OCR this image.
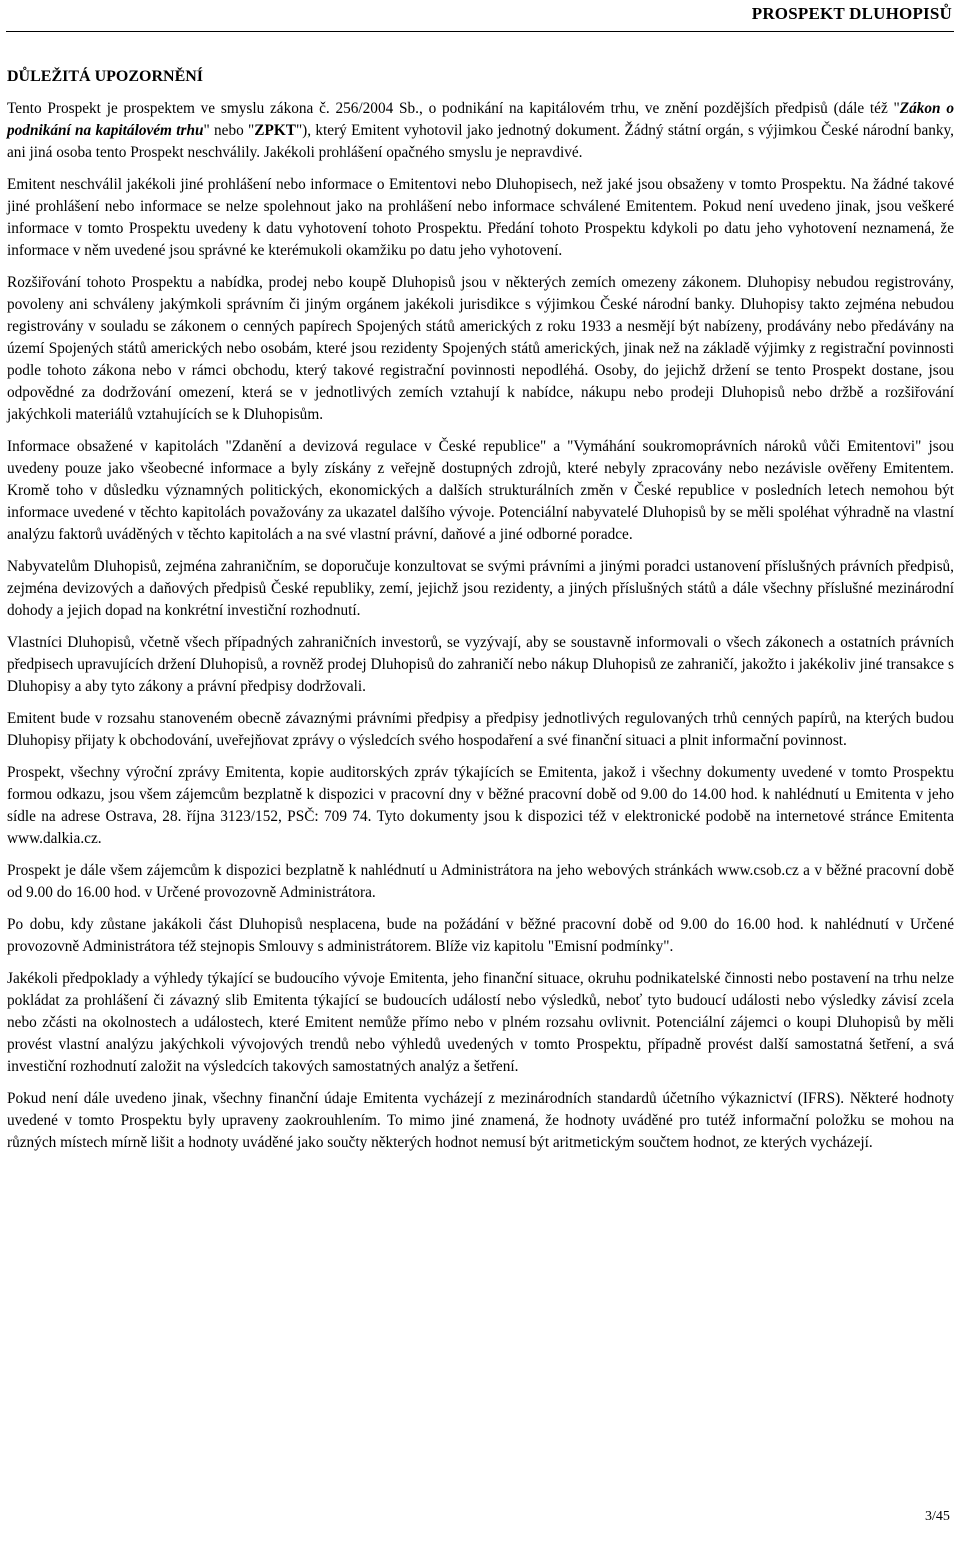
PROSPEKT DLUHOPISŮ
DŮLEŽITÁ UPOZORNĚNÍ

Tento Prospekt je prospektem ve smyslu zákona č. 256/2004 Sb., o podnikání na kapitálovém trhu, ve znění pozdějších předpisů (dále též "Zákon o podnikání na kapitálovém trhu" nebo "ZPKT"), který Emitent vyhotovil jako jednotný dokument. Žádný státní orgán, s výjimkou České národní banky, ani jiná osoba tento Prospekt neschválily. Jakékoli prohlášení opačného smyslu je nepravdivé.

Emitent neschválil jakékoli jiné prohlášení nebo informace o Emitentovi nebo Dluhopisech, než jaké jsou obsaženy v tomto Prospektu. Na žádné takové jiné prohlášení nebo informace se nelze spolehnout jako na prohlášení nebo informace schválené Emitentem. Pokud není uvedeno jinak, jsou veškeré informace v tomto Prospektu uvedeny k datu vyhotovení tohoto Prospektu. Předání tohoto Prospektu kdykoli po datu jeho vyhotovení neznamená, že informace v něm uvedené jsou správné ke kterémukoli okamžiku po datu jeho vyhotovení.

Rozšiřování tohoto Prospektu a nabídka, prodej nebo koupě Dluhopisů jsou v některých zemích omezeny zákonem. Dluhopisy nebudou registrovány, povoleny ani schváleny jakýmkoli správním či jiným orgánem jakékoli jurisdikce s výjimkou České národní banky. Dluhopisy takto zejména nebudou registrovány v souladu se zákonem o cenných papírech Spojených států amerických z roku 1933 a nesmějí být nabízeny, prodávány nebo předávány na území Spojených států amerických nebo osobám, které jsou rezidenty Spojených států amerických, jinak než na základě výjimky z registrační povinnosti podle tohoto zákona nebo v rámci obchodu, který takové registrační povinnosti nepodléhá. Osoby, do jejichž držení se tento Prospekt dostane, jsou odpovědné za dodržování omezení, která se v jednotlivých zemích vztahují k nabídce, nákupu nebo prodeji Dluhopisů nebo držbě a rozšiřování jakýchkoli materiálů vztahujících se k Dluhopisům.

Informace obsažené v kapitolách "Zdanění a devizová regulace v České republice" a "Vymáhání soukromoprávních nároků vůči Emitentovi" jsou uvedeny pouze jako všeobecné informace a byly získány z veřejně dostupných zdrojů, které nebyly zpracovány nebo nezávisle ověřeny Emitentem. Kromě toho v důsledku významných politických, ekonomických a dalších strukturálních změn v České republice v posledních letech nemohou být informace uvedené v těchto kapitolách považovány za ukazatel dalšího vývoje. Potenciální nabyvatelé Dluhopisů by se měli spoléhat výhradně na vlastní analýzu faktorů uváděných v těchto kapitolách a na své vlastní právní, daňové a jiné odborné poradce.

Nabyvatelům Dluhopisů, zejména zahraničním, se doporučuje konzultovat se svými právními a jinými poradci ustanovení příslušných právních předpisů, zejména devizových a daňových předpisů České republiky, zemí, jejichž jsou rezidenty, a jiných příslušných států a dále všechny příslušné mezinárodní dohody a jejich dopad na konkrétní investiční rozhodnutí.

Vlastníci Dluhopisů, včetně všech případných zahraničních investorů, se vyzývají, aby se soustavně informovali o všech zákonech a ostatních právních předpisech upravujících držení Dluhopisů, a rovněž prodej Dluhopisů do zahraničí nebo nákup Dluhopisů ze zahraničí, jakožto i jakékoliv jiné transakce s Dluhopisy a aby tyto zákony a právní předpisy dodržovali.

Emitent bude v rozsahu stanoveném obecně závaznými právními předpisy a předpisy jednotlivých regulovaných trhů cenných papírů, na kterých budou Dluhopisy přijaty k obchodování, uveřejňovat zprávy o výsledcích svého hospodaření a své finanční situaci a plnit informační povinnost.

Prospekt, všechny výroční zprávy Emitenta, kopie auditorských zpráv týkajících se Emitenta, jakož i všechny dokumenty uvedené v tomto Prospektu formou odkazu, jsou všem zájemcům bezplatně k dispozici v pracovní dny v běžné pracovní době od 9.00 do 14.00 hod. k nahlédnutí u Emitenta v jeho sídle na adrese Ostrava, 28. října 3123/152, PSČ: 709 74. Tyto dokumenty jsou k dispozici též v elektronické podobě na internetové stránce Emitenta www.dalkia.cz.

Prospekt je dále všem zájemcům k dispozici bezplatně k nahlédnutí u Administrátora na jeho webových stránkách www.csob.cz a v běžné pracovní době od 9.00 do 16.00 hod. v Určené provozovně Administrátora.

Po dobu, kdy zůstane jakákoli část Dluhopisů nesplacena, bude na požádání v běžné pracovní době od 9.00 do 16.00 hod. k nahlédnutí v Určené provozovně Administrátora též stejnopis Smlouvy s administrátorem. Blíže viz kapitolu "Emisní podmínky".

Jakékoli předpoklady a výhledy týkající se budoucího vývoje Emitenta, jeho finanční situace, okruhu podnikatelské činnosti nebo postavení na trhu nelze pokládat za prohlášení či závazný slib Emitenta týkající se budoucích událostí nebo výsledků, neboť tyto budoucí události nebo výsledky závisí zcela nebo zčásti na okolnostech a událostech, které Emitent nemůže přímo nebo v plném rozsahu ovlivnit. Potenciální zájemci o koupi Dluhopisů by měli provést vlastní analýzu jakýchkoli vývojových trendů nebo výhledů uvedených v tomto Prospektu, případně provést další samostatná šetření, a svá investiční rozhodnutí založit na výsledcích takových samostatných analýz a šetření.

Pokud není dále uvedeno jinak, všechny finanční údaje Emitenta vycházejí z mezinárodních standardů účetního výkaznictví (IFRS). Některé hodnoty uvedené v tomto Prospektu byly upraveny zaokrouhlením. To mimo jiné znamená, že hodnoty uváděné pro tutéž informační položku se mohou na různých místech mírně lišit a hodnoty uváděné jako součty některých hodnot nemusí být aritmetickým součtem hodnot, ze kterých vycházejí.

3/45
